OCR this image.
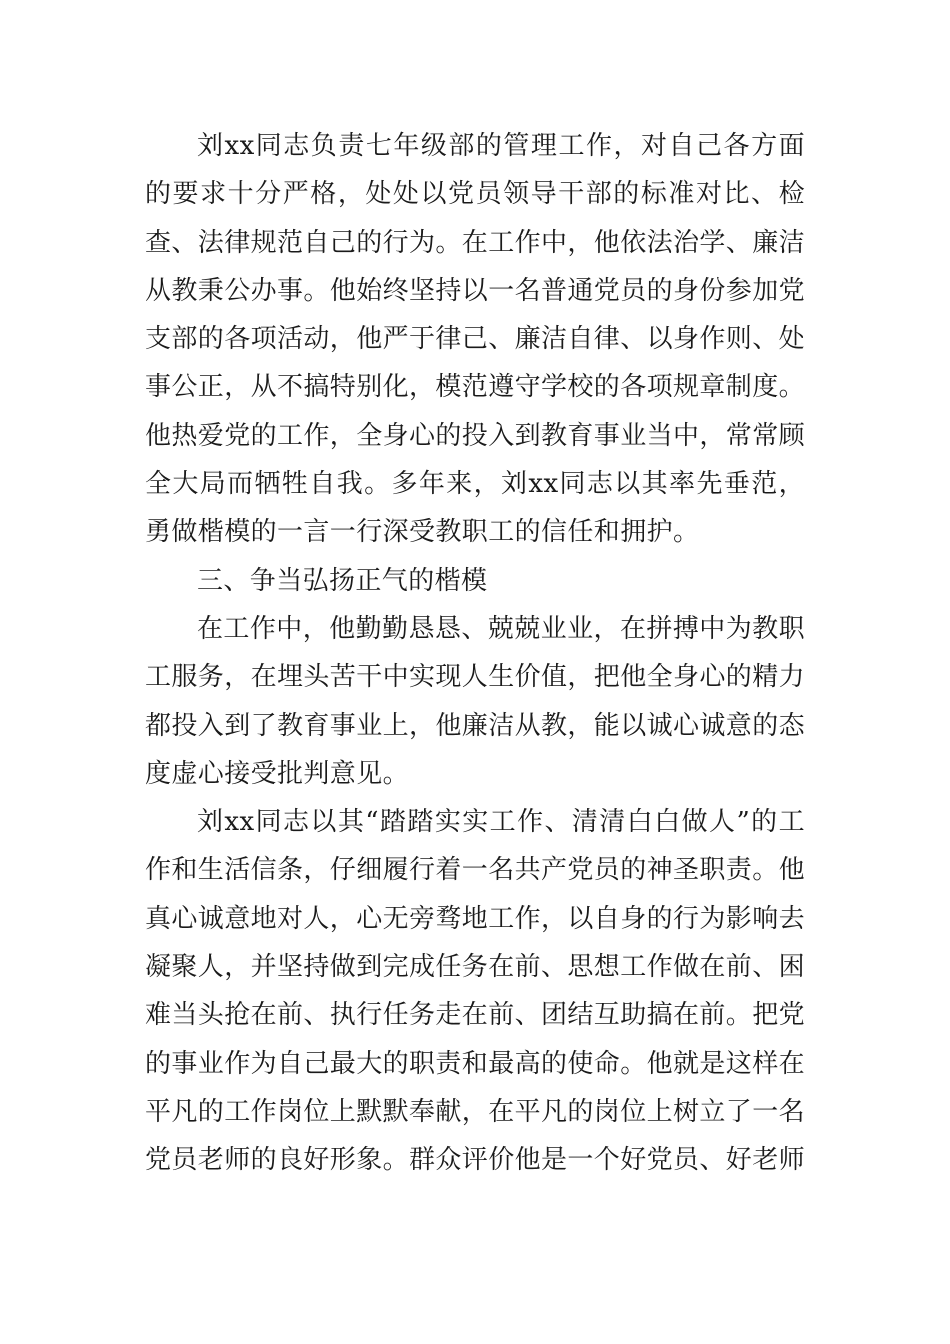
刘xx同志负责七年级部的管理工作，对自己各方面的要求十分严格，处处以党员领导干部的标准对比、检查、法律规范自己的行为。在工作中，他依法治学、廉洁从教秉公办事。他始终坚持以一名普通党员的身份参加党支部的各项活动，他严于律己、廉洁自律、以身作则、处事公正，从不搞特别化，模范遵守学校的各项规章制度。他热爱党的工作，全身心的投入到教育事业当中，常常顾全大局而牺牲自我。多年来，刘xx同志以其率先垂范，勇做楷模的一言一行深受教职工的信任和拥护。

三、争当弘扬正气的楷模

在工作中，他勤勤恳恳、兢兢业业，在拼搏中为教职工服务，在埋头苦干中实现人生价值，把他全身心的精力都投入到了教育事业上，他廉洁从教，能以诚心诚意的态度虚心接受批判意见。

刘xx同志以其“踏踏实实工作、清清白白做人”的工作和生活信条，仔细履行着一名共产党员的神圣职责。他真心诚意地对人，心无旁骛地工作，以自身的行为影响去凝聚人，并坚持做到完成任务在前、思想工作做在前、困难当头抢在前、执行任务走在前、团结互助搞在前。把党的事业作为自己最大的职责和最高的使命。他就是这样在平凡的工作岗位上默默奉献，在平凡的岗位上树立了一名党员老师的良好形象。群众评价他是一个好党员、好老师
